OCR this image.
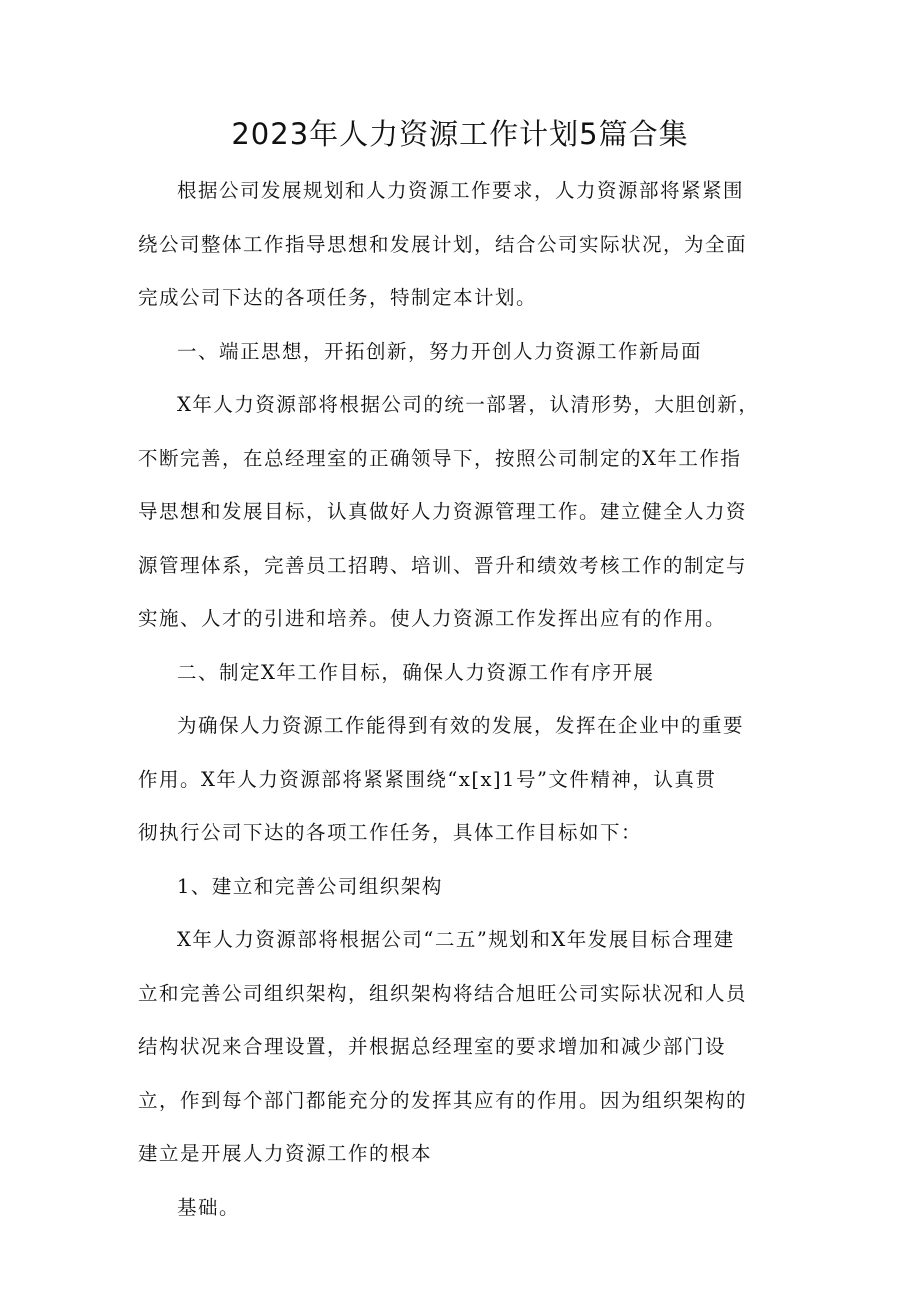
2023年人力资源工作计划5篇合集

根据公司发展规划和人力资源工作要求，人力资源部将紧紧围
绕公司整体工作指导思想和发展计划，结合公司实际状况，为全面
完成公司下达的各项任务，特制定本计划。

一、端正思想，开拓创新，努力开创人力资源工作新局面

X年人力资源部将根据公司的统一部署，认清形势，大胆创新，
不断完善，在总经理室的正确领导下，按照公司制定的X年工作指
导思想和发展目标，认真做好人力资源管理工作。建立健全人力资
源管理体系，完善员工招聘、培训、晋升和绩效考核工作的制定与
实施、人才的引进和培养。使人力资源工作发挥出应有的作用。

二、制定X年工作目标，确保人力资源工作有序开展

为确保人力资源工作能得到有效的发展，发挥在企业中的重要
作用。X年人力资源部将紧紧围绕“x[x]1号”文件精神，认真贯
彻执行公司下达的各项工作任务，具体工作目标如下：

1、建立和完善公司组织架构

X年人力资源部将根据公司“二五”规划和X年发展目标合理建
立和完善公司组织架构，组织架构将结合旭旺公司实际状况和人员
结构状况来合理设置，并根据总经理室的要求增加和减少部门设
立，作到每个部门都能充分的发挥其应有的作用。因为组织架构的
建立是开展人力资源工作的根本

基础。
